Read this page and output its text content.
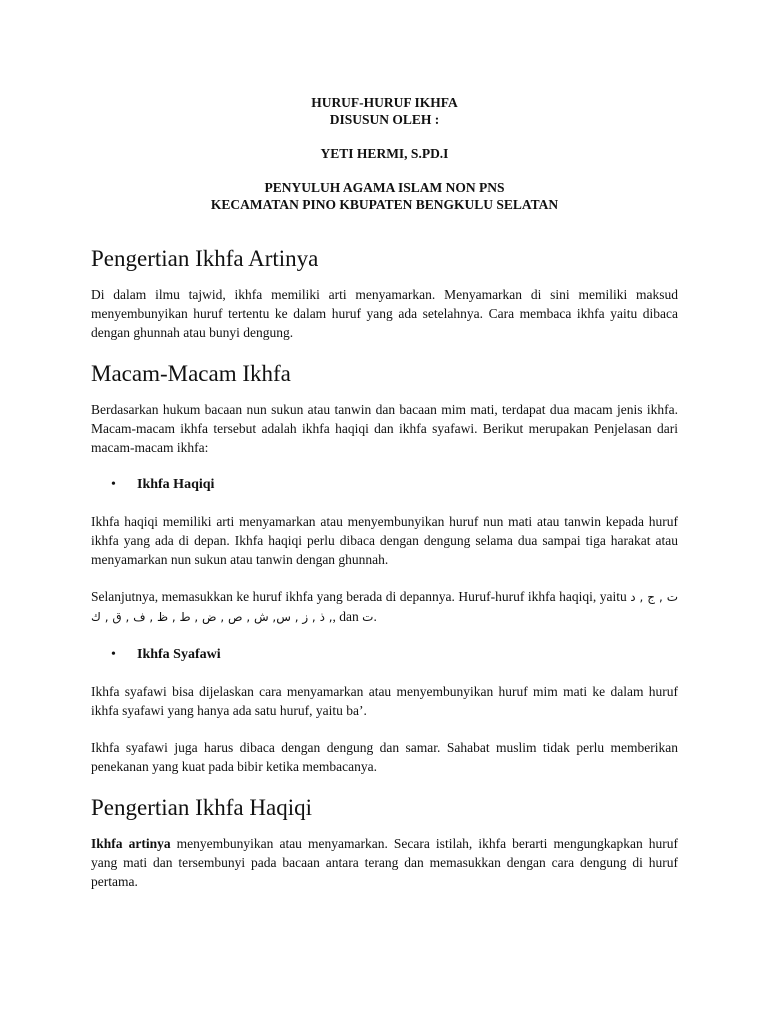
HURUF-HURUF IKHFA
DISUSUN OLEH :
YETI HERMI, S.PD.I
PENYULUH AGAMA ISLAM NON PNS
KECAMATAN PINO KBUPATEN BENGKULU SELATAN
Pengertian Ikhfa Artinya

Di dalam ilmu tajwid, ikhfa memiliki arti menyamarkan. Menyamarkan di sini memiliki maksud menyembunyikan huruf tertentu ke dalam huruf yang ada setelahnya. Cara membaca ikhfa yaitu dibaca dengan ghunnah atau bunyi dengung.

Macam-Macam Ikhfa

Berdasarkan hukum bacaan nun sukun atau tanwin dan bacaan mim mati, terdapat dua macam jenis ikhfa. Macam-macam ikhfa tersebut adalah ikhfa haqiqi dan ikhfa syafawi. Berikut merupakan Penjelasan dari macam-macam ikhfa:

• Ikhfa Haqiqi

Ikhfa haqiqi memiliki arti menyamarkan atau menyembunyikan huruf nun mati atau tanwin kepada huruf ikhfa yang ada di depan. Ikhfa haqiqi perlu dibaca dengan dengung selama dua sampai tiga harakat atau menyamarkan nun sukun atau tanwin dengan ghunnah.

Selanjutnya, memasukkan ke huruf ikhfa yang berada di depannya. Huruf-huruf ikhfa haqiqi, yaitu ت , ج , د , ذ , ز , س, ش , ص , ض , ط , ظ , ف , ق , ك, dan ت.

• Ikhfa Syafawi

Ikhfa syafawi bisa dijelaskan cara menyamarkan atau menyembunyikan huruf mim mati ke dalam huruf ikhfa syafawi yang hanya ada satu huruf, yaitu ba’.

Ikhfa syafawi juga harus dibaca dengan dengung dan samar. Sahabat muslim tidak perlu memberikan penekanan yang kuat pada bibir ketika membacanya.

Pengertian Ikhfa Haqiqi

Ikhfa artinya menyembunyikan atau menyamarkan. Secara istilah, ikhfa berarti mengungkapkan huruf yang mati dan tersembunyi pada bacaan antara terang dan memasukkan dengan cara dengung di huruf pertama.
